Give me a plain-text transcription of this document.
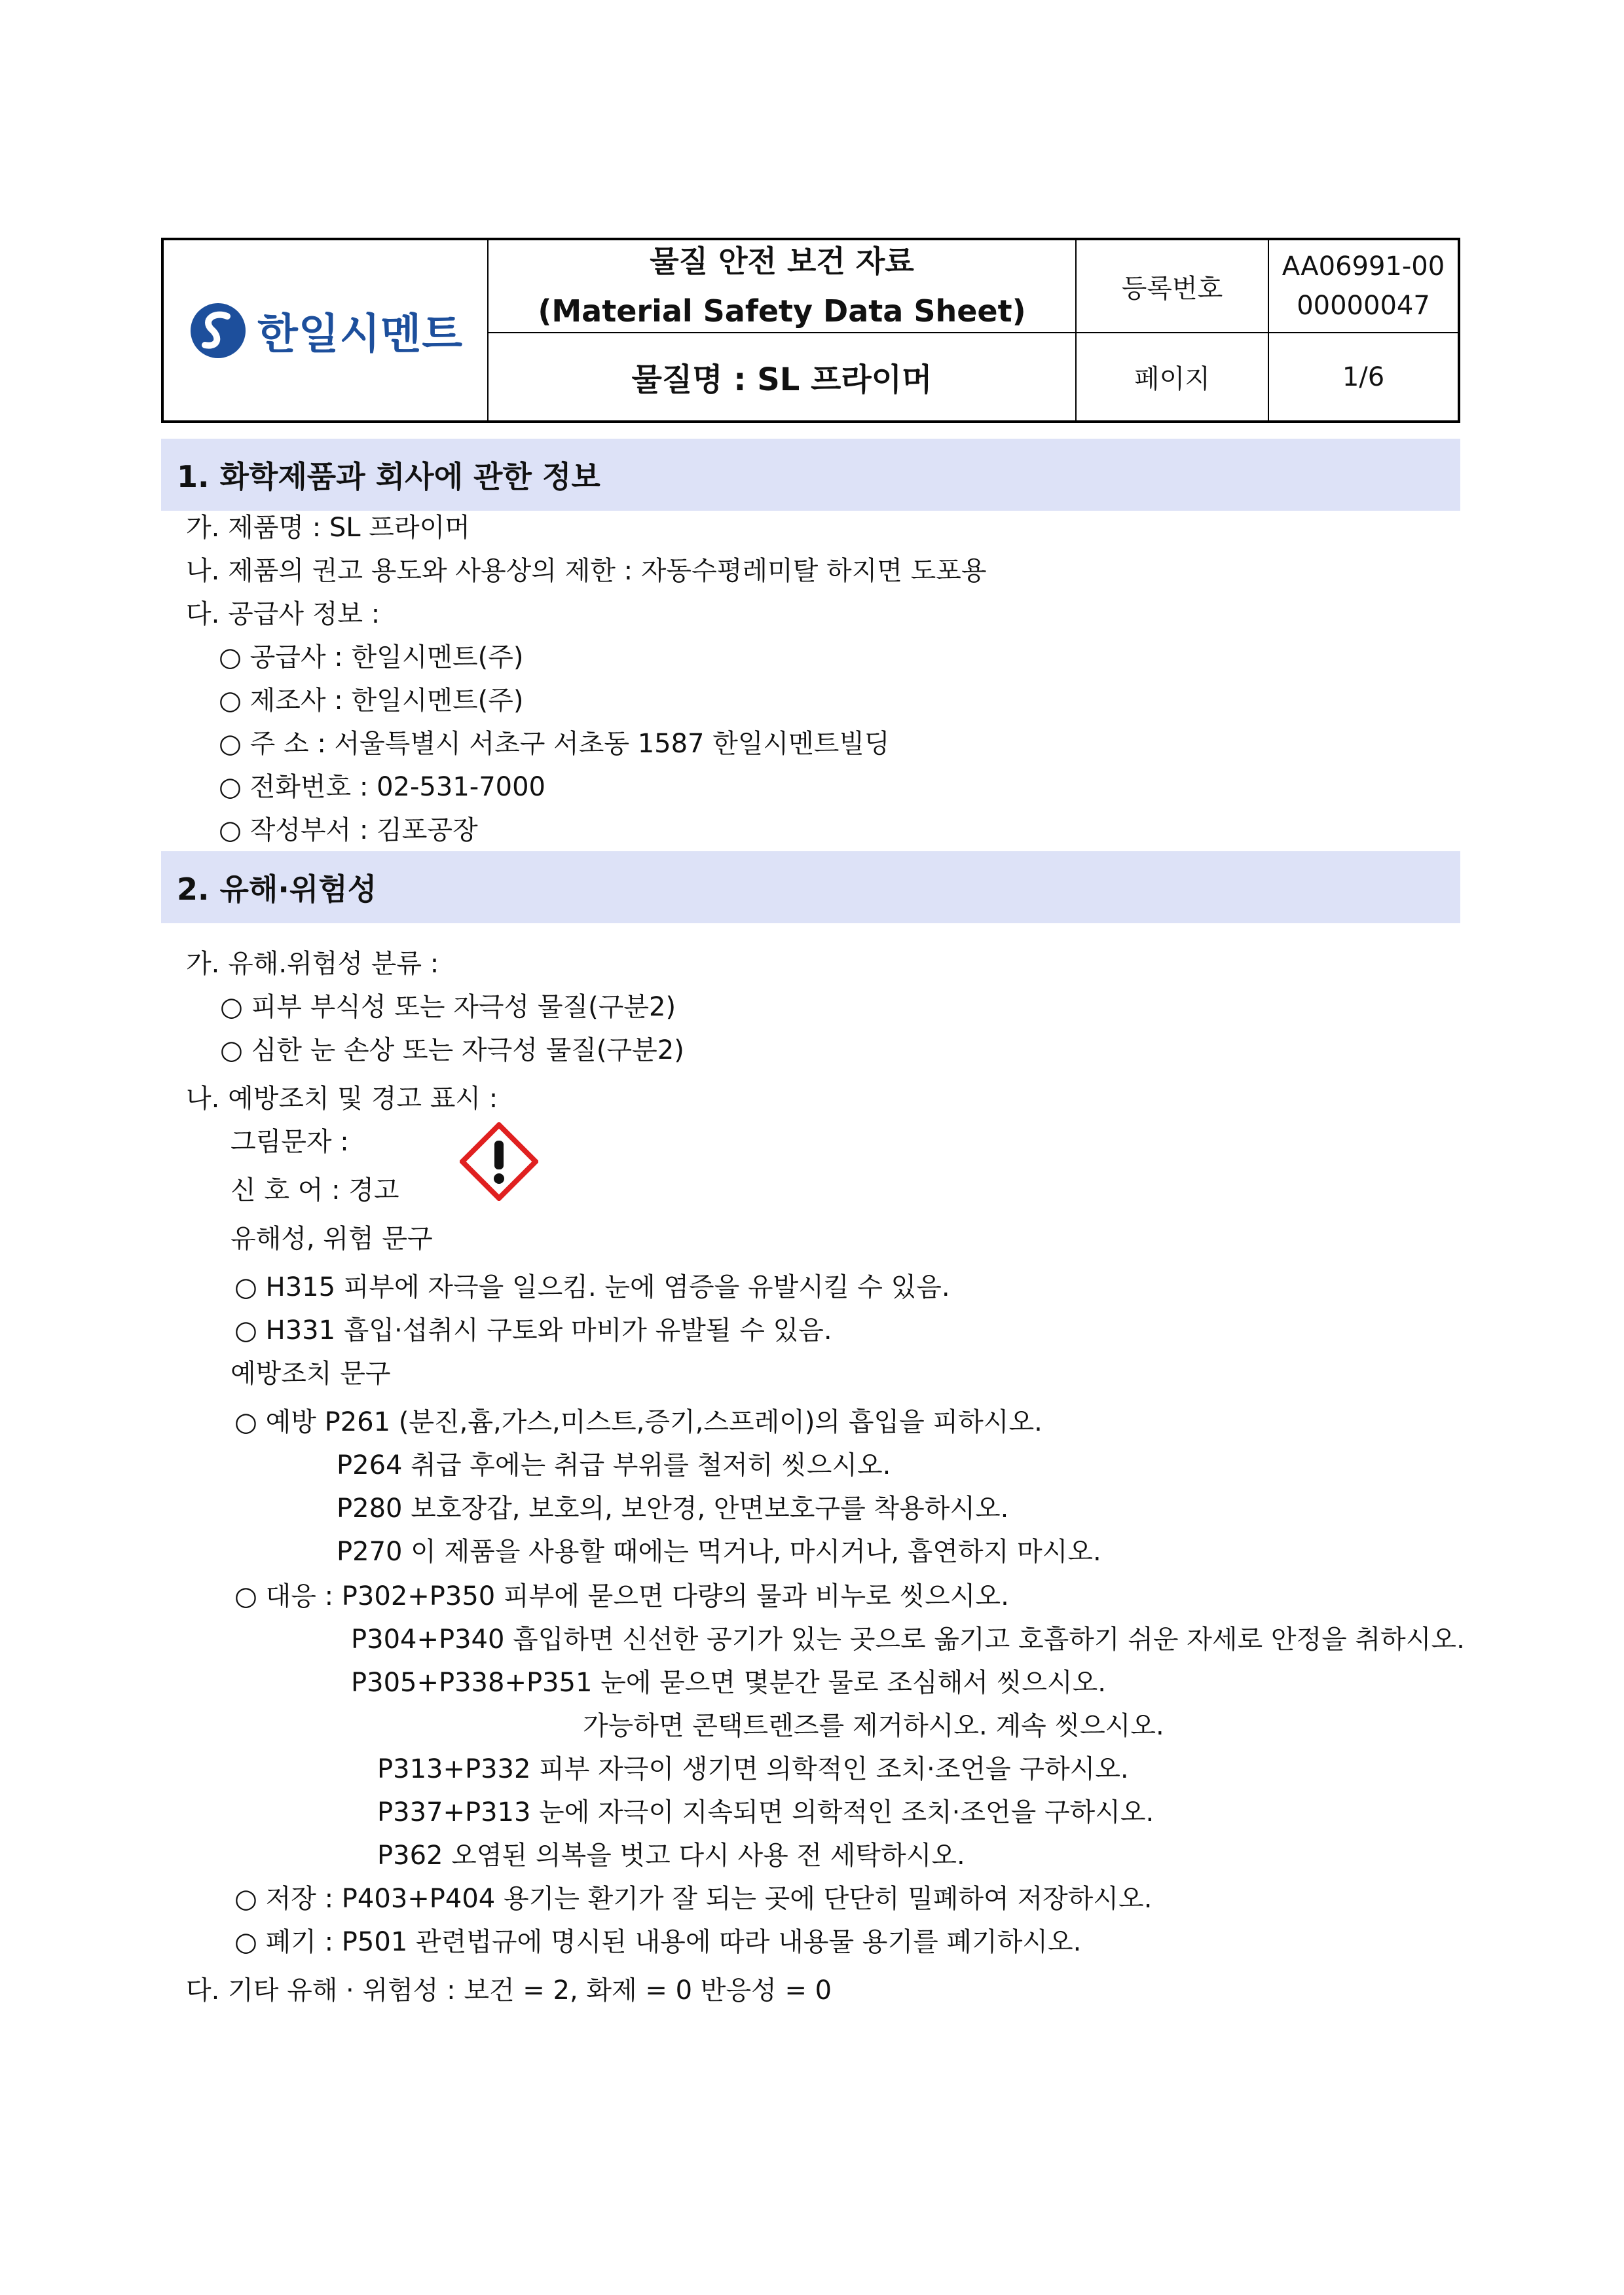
한일시멘트
물질 안전 보건 자료
(Material Safety Data Sheet)
물질명 : SL 프라이머
등록번호
AA06991-00
00000047
페이지	1/6
1. 화학제품과 회사에 관한 정보
가. 제품명 : SL 프라이머
나. 제품의 권고 용도와 사용상의 제한 : 자동수평레미탈 하지면 도포용
다. 공급사 정보 :
○ 공급사 : 한일시멘트(주)
○ 제조사 : 한일시멘트(주)
○ 주 소 : 서울특별시 서초구 서초동 1587 한일시멘트빌딩
○ 전화번호 : 02-531-7000
○ 작성부서 : 김포공장
2. 유해·위험성
가. 유해.위험성 분류 :
○ 피부 부식성 또는 자극성 물질(구분2)
○ 심한 눈 손상 또는 자극성 물질(구분2)
나. 예방조치 및 경고 표시 :
그림문자 :
신 호 어 : 경고
유해성, 위험 문구
○ H315 피부에 자극을 일으킴. 눈에 염증을 유발시킬 수 있음.
○ H331 흡입·섭취시 구토와 마비가 유발될 수 있음.
예방조치 문구
○ 예방 P261 (분진,흄,가스,미스트,증기,스프레이)의 흡입을 피하시오.
P264 취급 후에는 취급 부위를 철저히 씻으시오.
P280 보호장갑, 보호의, 보안경, 안면보호구를 착용하시오.
P270 이 제품을 사용할 때에는 먹거나, 마시거나, 흡연하지 마시오.
○ 대응 : P302+P350 피부에 묻으면 다량의 물과 비누로 씻으시오.
P304+P340 흡입하면 신선한 공기가 있는 곳으로 옮기고 호흡하기 쉬운 자세로 안정을 취하시오.
P305+P338+P351 눈에 묻으면 몇분간 물로 조심해서 씻으시오.
가능하면 콘택트렌즈를 제거하시오. 계속 씻으시오.
P313+P332 피부 자극이 생기면 의학적인 조치·조언을 구하시오.
P337+P313 눈에 자극이 지속되면 의학적인 조치·조언을 구하시오.
P362 오염된 의복을 벗고 다시 사용 전 세탁하시오.
○ 저장 : P403+P404 용기는 환기가 잘 되는 곳에 단단히 밀폐하여 저장하시오.
○ 폐기 : P501 관련법규에 명시된 내용에 따라 내용물 용기를 폐기하시오.
다. 기타 유해 · 위험성 : 보건 = 2, 화제 = 0 반응성 = 0
